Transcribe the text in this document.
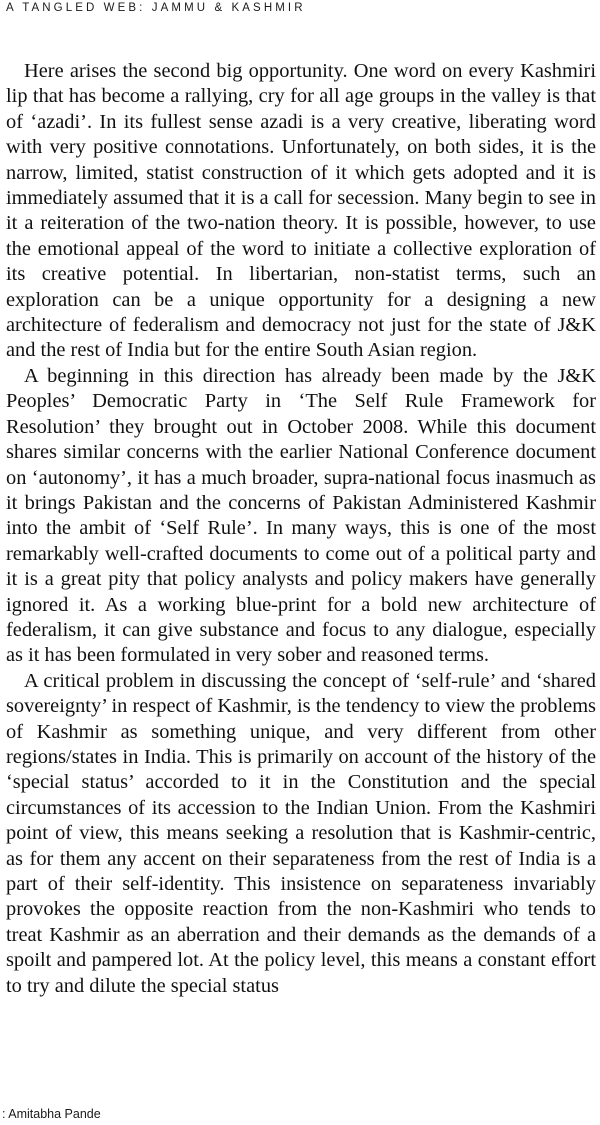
A TANGLED WEB: JAMMU & KASHMIR

Here arises the second big opportunity. One word on every Kashmiri lip that has become a rallying, cry for all age groups in the valley is that of ‘azadi’. In its fullest sense azadi is a very creative, liberating word with very positive connotations. Unfortunately, on both sides, it is the narrow, limited, statist construction of it which gets adopted and it is immediately assumed that it is a call for secession. Many begin to see in it a reiteration of the two-nation theory. It is possible, however, to use the emotional appeal of the word to initiate a collective exploration of its creative potential. In libertarian, non-statist terms, such an exploration can be a unique opportunity for a designing a new architecture of federalism and democracy not just for the state of J&K and the rest of India but for the entire South Asian region.

A beginning in this direction has already been made by the J&K Peoples’ Democratic Party in ‘The Self Rule Framework for Resolution’ they brought out in October 2008. While this document shares similar concerns with the earlier National Conference document on ‘autonomy’, it has a much broader, supra-national focus inasmuch as it brings Pakistan and the concerns of Pakistan Administered Kashmir into the ambit of ‘Self Rule’. In many ways, this is one of the most remarkably well-crafted documents to come out of a political party and it is a great pity that policy analysts and policy makers have generally ignored it. As a working blue-print for a bold new architecture of federalism, it can give substance and focus to any dialogue, especially as it has been formulated in very sober and reasoned terms.

A critical problem in discussing the concept of ‘self-rule’ and ‘shared sovereignty’ in respect of Kashmir, is the tendency to view the problems of Kashmir as something unique, and very different from other regions/states in India. This is primarily on account of the history of the ‘special status’ accorded to it in the Constitution and the special circumstances of its accession to the Indian Union. From the Kashmiri point of view, this means seeking a resolution that is Kashmir-centric, as for them any accent on their separateness from the rest of India is a part of their self-identity. This insistence on separateness invariably provokes the opposite reaction from the non-Kashmiri who tends to treat Kashmir as an aberration and their demands as the demands of a spoilt and pampered lot. At the policy level, this means a constant effort to try and dilute the special status

: Amitabha Pande
